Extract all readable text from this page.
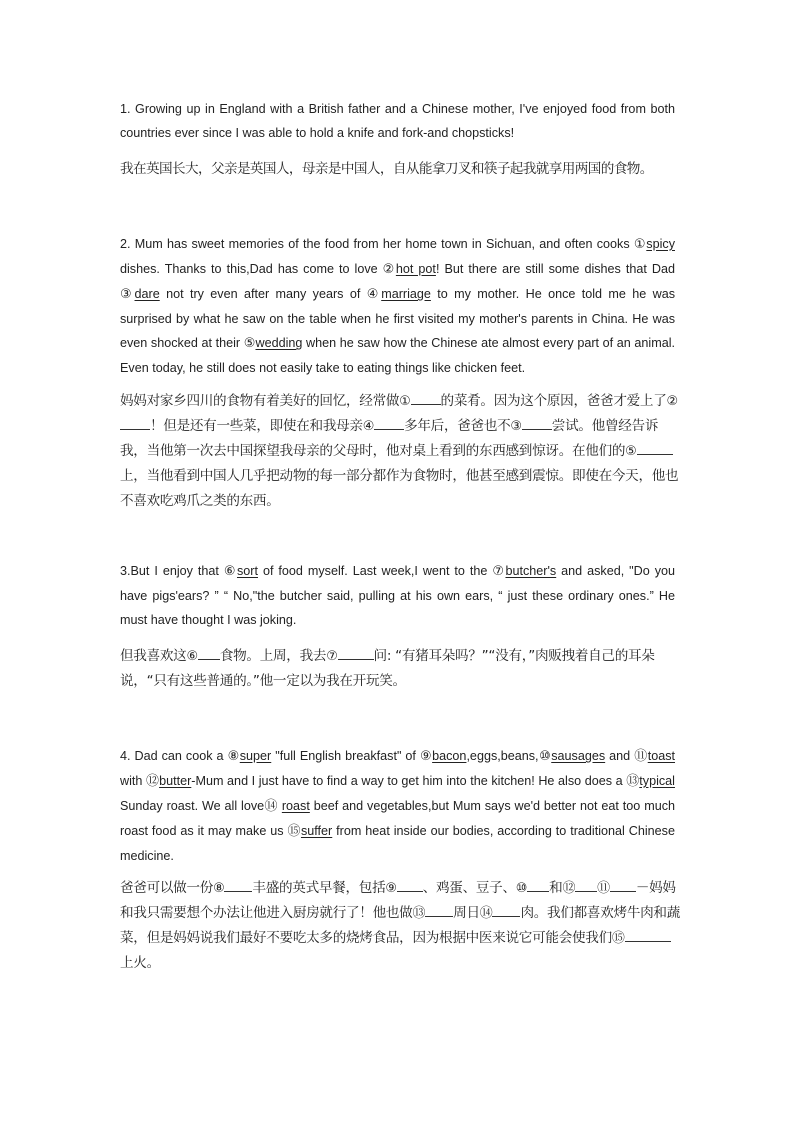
1. Growing up in England with a British father and a Chinese mother, I've enjoyed food from both countries ever since I was able to hold a knife and fork-and chopsticks!

我在英国长大，父亲是英国人，母亲是中国人，自从能拿刀叉和筷子起我就享用两国的食物。

2. Mum has sweet memories of the food from her home town in Sichuan, and often cooks ①spicy dishes. Thanks to this,Dad has come to love ②hot pot! But there are still some dishes that Dad ③dare not try even after many years of ④marriage to my mother. He once told me he was surprised by what he saw on the table when he first visited my mother's parents in China. He was even shocked at their ⑤wedding when he saw how the Chinese ate almost every part of an animal. Even today, he still does not easily take to eating things like chicken feet.

妈妈对家乡四川的食物有着美好的回忆，经常做① 的菜肴。因为这个原因，爸爸才爱上了②！但是还有一些菜，即使在和我母亲④ 多年后，爸爸也不③ 尝试。他曾经告诉我，当他第一次去中国探望我母亲的父母时，他对桌上看到的东西感到惊讶。在他们的⑤上，当他看到中国人几乎把动物的每一部分都作为食物时，他甚至感到震惊。即使在今天，他也不喜欢吃鸡爪之类的东西。

3.But I enjoy that ⑥sort of food myself. Last week,I went to the ⑦butcher's and asked, "Do you have pigs'ears? ” “ No,"the butcher said, pulling at his own ears, “ just these ordinary ones.” He must have thought I was joking.

但我喜欢这⑥ 食物。上周，我去⑦	问: “有猪耳朵吗？”“没有，”肉贩拽着自己的耳朵说，“只有这些普通的。”他一定以为我在开玩笑。

4. Dad can cook a ⑧super "full English breakfast" of ⑨bacon,eggs,beans,⑩sausages and ⑪toast with ⑫butter-Mum and I just have to find a way to get him into the kitchen! He also does a ⑬typical Sunday roast. We all love⑭ roast beef and vegetables,but Mum says we'd better not eat too much roast food as it may make us ⑮suffer from heat inside our bodies, according to traditional Chinese medicine.

爸爸可以做一份⑧ 丰盛的英式早餐，包括⑨ 、鸡蛋、豆子、⑩ 和⑫ ⑪ －妈妈和我只需要想个办法让他进入厨房就行了！他也做⑬ 周日⑭ 肉。我们都喜欢烤牛肉和蔬菜，但是妈妈说我们最好不要吃太多的烧烤食品，因为根据中医来说它可能会使我们⑮上火。
